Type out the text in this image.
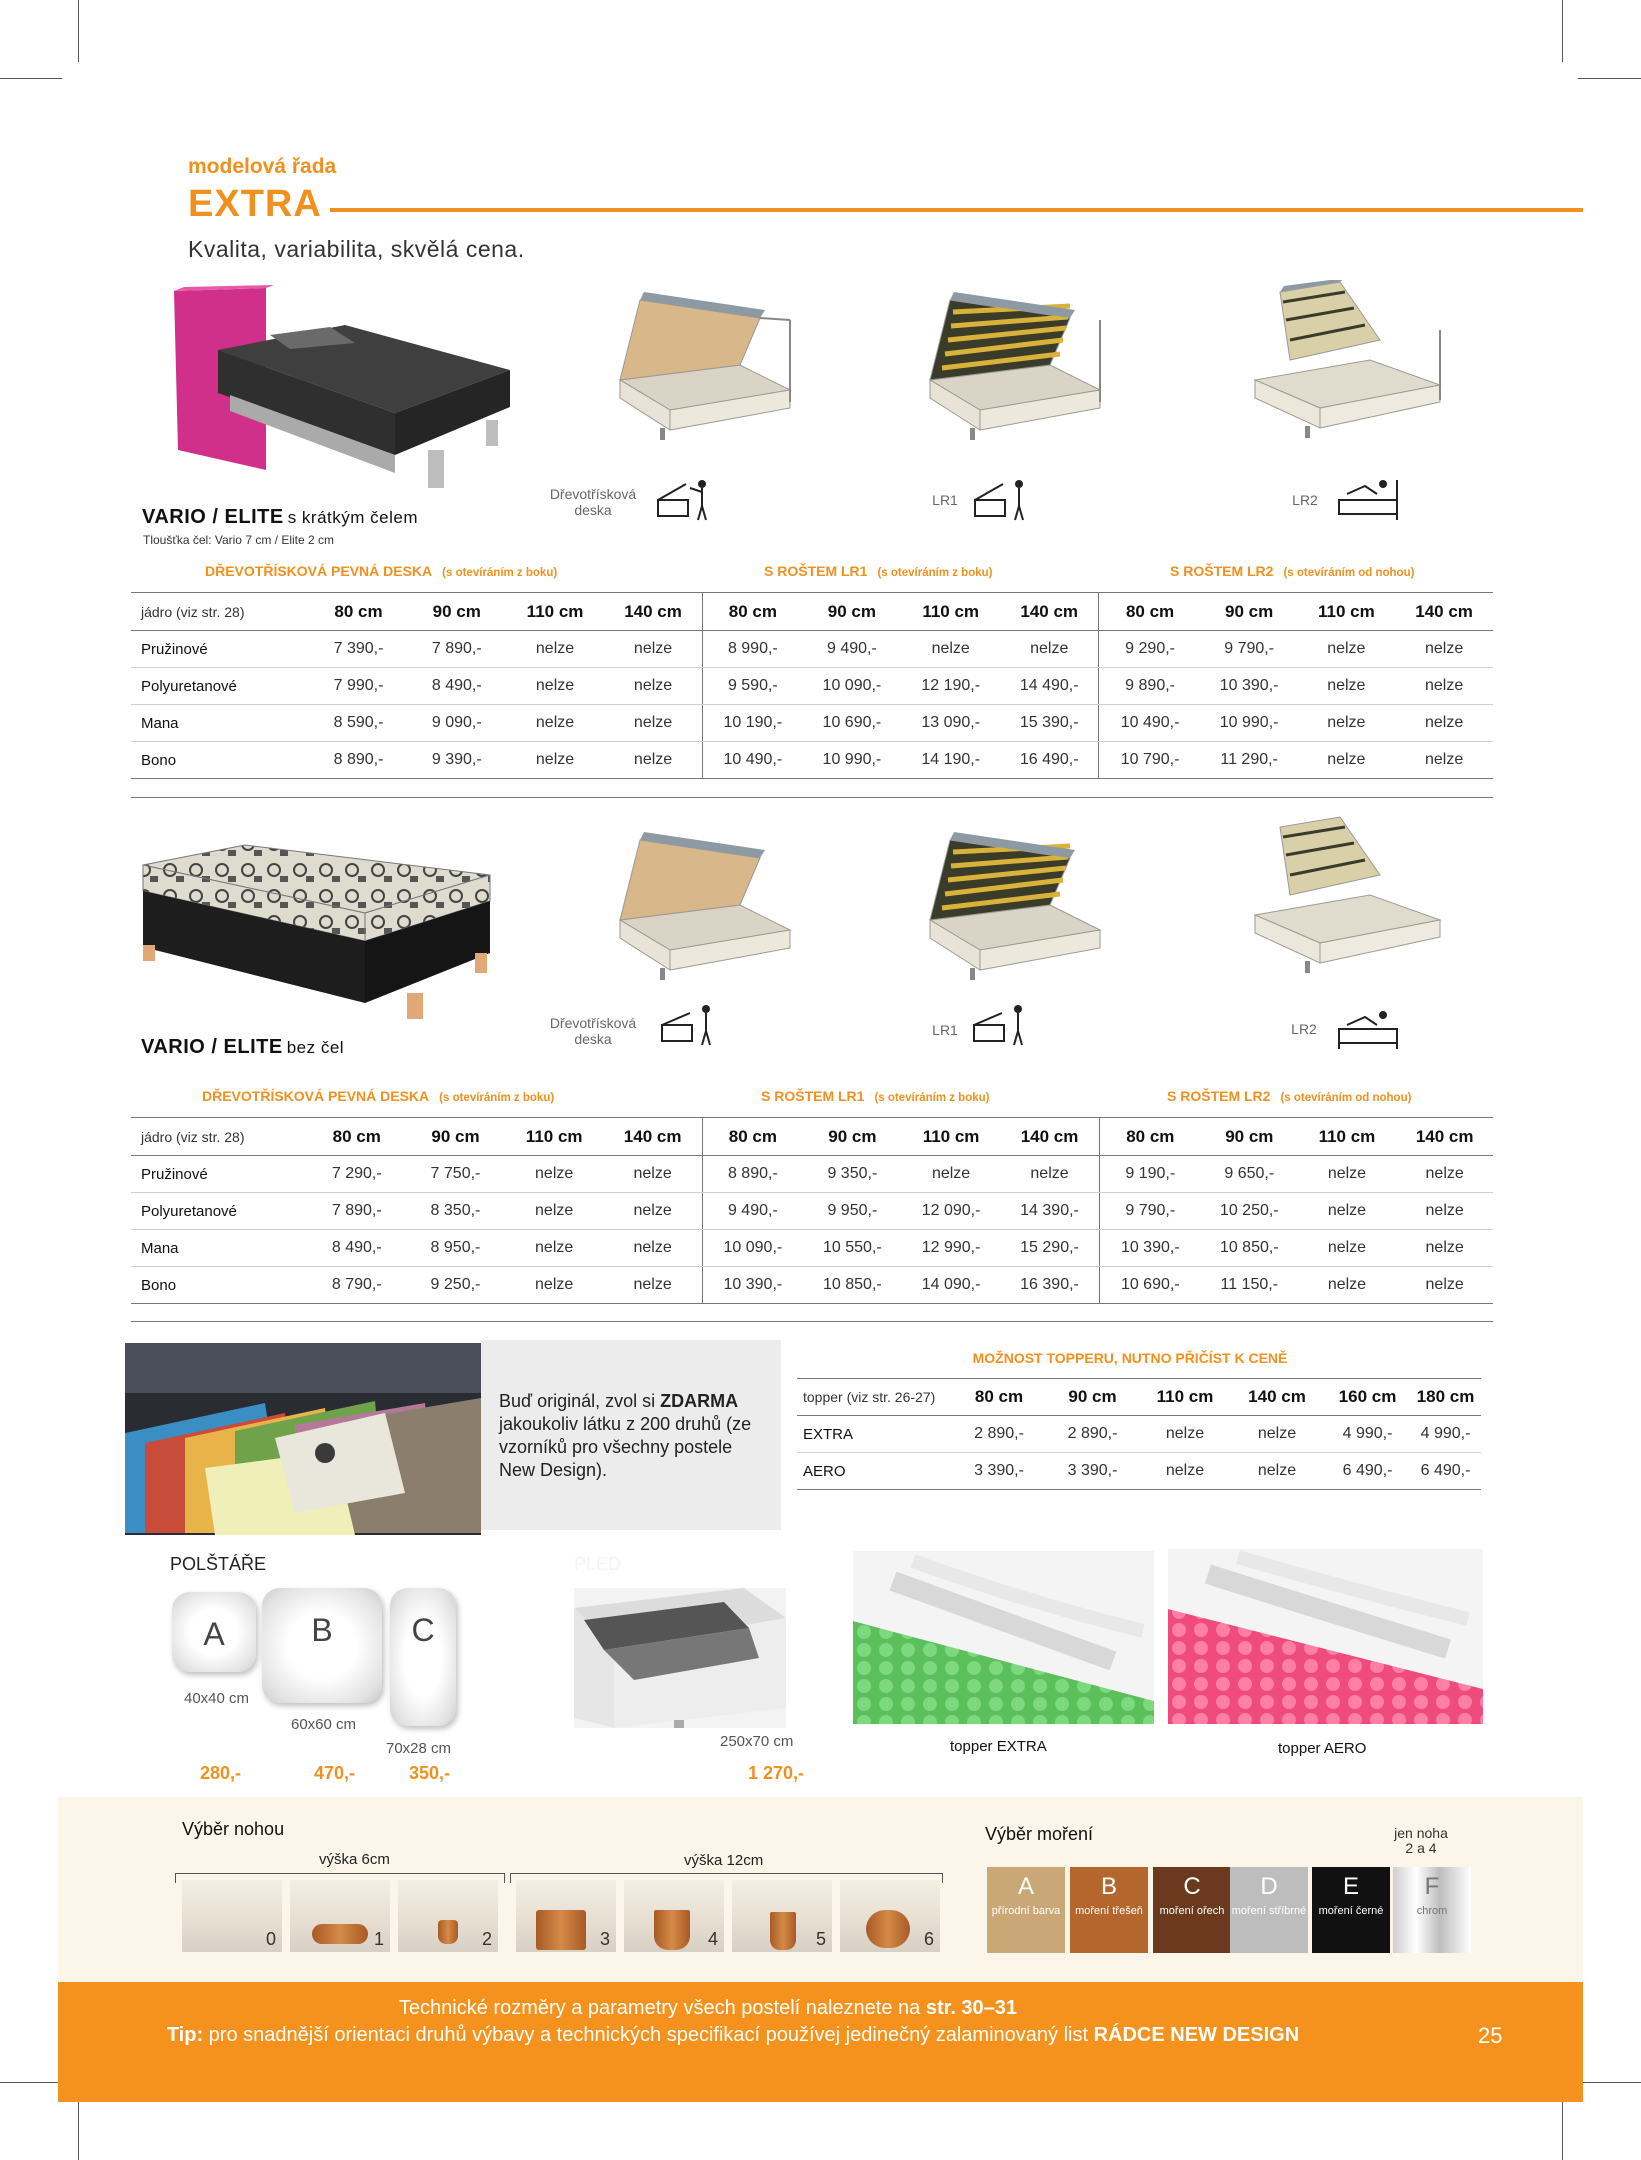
modelová řada
EXTRA
Kvalita, variabilita, skvělá cena.
Dřevotřísková deska
LR1	LR2
VARIO / ELITE s krátkým čelem
Tloušťka čel: Vario 7 cm / Elite 2 cm
DŘEVOTŘÍSKOVÁ PEVNÁ DESKA (s otevíráním z boku)	S ROŠTEM LR1 (s otevíráním z boku)	S ROŠTEM LR2 (s otevíráním od nohou)
jádro (viz str. 28)	80 cm	90 cm	110 cm	140 cm	80 cm	90 cm	110 cm	140 cm	80 cm	90 cm	110 cm	140 cm
Pružinové	7 390,-	7 890,-	nelze	nelze	8 990,-	9 490,-	nelze	nelze	9 290,-	9 790,-	nelze	nelze
Polyuretanové	7 990,-	8 490,-	nelze	nelze	9 590,-	10 090,-	12 190,-	14 490,-	9 890,-	10 390,-	nelze	nelze
Mana	8 590,-	9 090,-	nelze	nelze	10 190,-	10 690,-	13 090,-	15 390,-	10 490,-	10 990,-	nelze	nelze
Bono	8 890,-	9 390,-	nelze	nelze	10 490,-	10 990,-	14 190,-	16 490,-	10 790,-	11 290,-	nelze	nelze
Dřevotřísková deska
LR1	LR2
VARIO / ELITE bez čel
DŘEVOTŘÍSKOVÁ PEVNÁ DESKA (s otevíráním z boku)	S ROŠTEM LR1 (s otevíráním z boku)	S ROŠTEM LR2 (s otevíráním od nohou)
jádro (viz str. 28)	80 cm	90 cm	110 cm	140 cm	80 cm	90 cm	110 cm	140 cm	80 cm	90 cm	110 cm	140 cm
Pružinové	7 290,-	7 750,-	nelze	nelze	8 890,-	9 350,-	nelze	nelze	9 190,-	9 650,-	nelze	nelze
Polyuretanové	7 890,-	8 350,-	nelze	nelze	9 490,-	9 950,-	12 090,-	14 390,-	9 790,-	10 250,-	nelze	nelze
Mana	8 490,-	8 950,-	nelze	nelze	10 090,-	10 550,-	12 990,-	15 290,-	10 390,-	10 850,-	nelze	nelze
Bono	8 790,-	9 250,-	nelze	nelze	10 390,-	10 850,-	14 090,-	16 390,-	10 690,-	11 150,-	nelze	nelze
Buď originál, zvol si ZDARMA jakoukoliv látku z 200 druhů (ze vzorníků pro všechny postele New Design).
MOŽNOST TOPPERU, NUTNO PŘIČÍST K CENĚ
topper (viz str. 26-27)	80 cm	90 cm	110 cm	140 cm	160 cm	180 cm
EXTRA	2 890,-	2 890,-	nelze	nelze	4 990,-	4 990,-
AERO	3 390,-	3 390,-	nelze	nelze	6 490,-	6 490,-
POLŠTÁŘE
A	B	C
40x40 cm
60x60 cm
70x28 cm
280,-	470,-	350,-
PLED
250x70 cm
1 270,-
topper EXTRA	topper AERO
Výběr nohou
výška 6cm	výška 12cm
0	1	2	3	4	5	6
Výběr moření	jen noha 2 a 4
A
přírodní barva
B
moření třešeň
C
moření ořech
D
moření stříbrné
E
moření černé
F
chrom
Technické rozměry a parametry všech postelí naleznete na str. 30–31
Tip: pro snadnější orientaci druhů výbavy a technických specifikací používej jedinečný zalaminovaný list RÁDCE NEW DESIGN	25
